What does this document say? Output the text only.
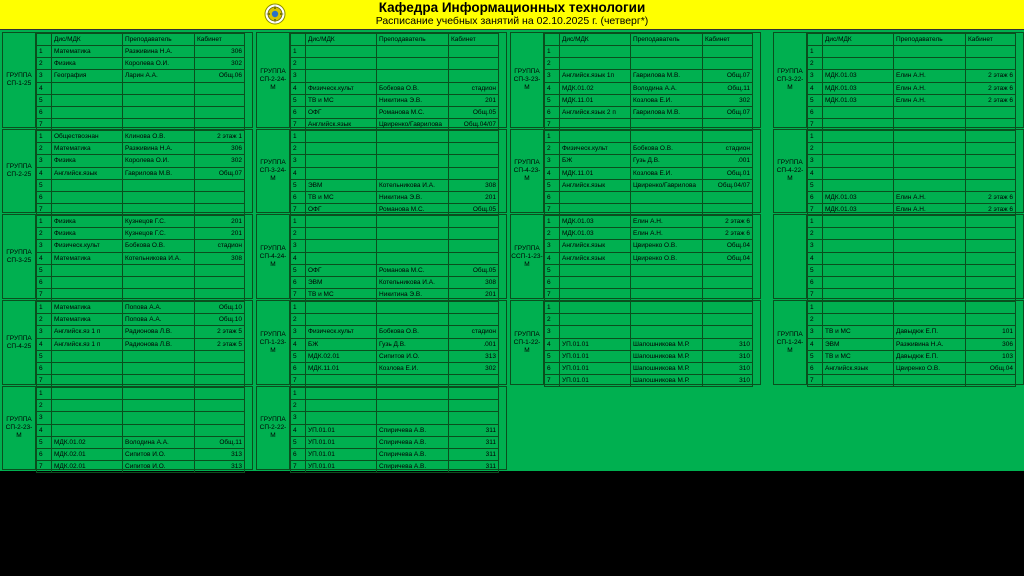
Кафедра Информационных технологии
Расписание учебных занятий на 02.10.2025 г. (четверг*)
ГРУППА СП-1-25
	Дис/МДК	Преподаватель	Кабинет
1	Математика	Разживина Н.А.	306
2	Физика	Королева О.И.	302
3	География	Ларин А.А.	Общ.06
4			
5			
6			
7			
ГРУППА СП-2-24-М
	Дис/МДК	Преподаватель	Кабинет
1			
2			
3			
4	Физическ.культ	Бобкова О.В.	стадион
5	ТВ и МС	Никитина Э.В.	201
6	ОФГ	Романова М.С.	Общ.05
7	Английск.язык	Цвиренко/Гаврилова	Общ.04/07
ГРУППА СП-3-23-М
	Дис/МДК	Преподаватель	Кабинет
1			
2			
3	Английск.язык 1п	Гаврилова М.В.	Общ.07
4	МДК.01.02	Володина А.А.	Общ.11
5	МДК.11.01	Козлова Е.И.	302
6	Английск.язык 2 п	Гаврилова М.В.	Общ.07
7			
ГРУППА СП-3-22-М
	Дис/МДК	Преподаватель	Кабинет
1			
2			
3	МДК.01.03	Елин А.Н.	2 этаж 6
4	МДК.01.03	Елин А.Н.	2 этаж 6
5	МДК.01.03	Елин А.Н.	2 этаж 6
6			
7			
ГРУППА СП-2-25
1	Обществознан	Клинова О.В.	2 этаж 1
2	Математика	Разживина Н.А.	306
3	Физика	Королева О.И.	302
4	Английск.язык	Гаврилова М.В.	Общ.07
5			
6			
7			
ГРУППА СП-3-24-М
1			
2			
3			
4			
5	ЭВМ	Котельникова И.А.	308
6	ТВ и МС	Никитина Э.В.	201
7	ОФГ	Романова М.С.	Общ.05
ГРУППА СП-4-23-М
1			
2	Физическ.культ	Бобкова О.В.	стадион
3	БЖ	Гузь Д.В.	.001
4	МДК.11.01	Козлова Е.И.	Общ.01
5	Английск.язык	Цвиренко/Гаврилова	Общ.04/07
6			
7			
ГРУППА СП-4-22-М
1			
2			
3			
4			
5			
6	МДК.01.03	Елин А.Н.	2 этаж 6
7	МДК.01.03	Елин А.Н.	2 этаж 6
ГРУППА СП-3-25
1	Физика	Кузнецов Г.С.	201
2	Физика	Кузнецов Г.С.	201
3	Физическ.культ	Бобкова О.В.	стадион
4	Математика	Котельникова И.А.	308
5			
6			
7			
ГРУППА СП-4-24-М
1			
2			
3			
4			
5	ОФГ	Романова М.С.	Общ.05
6	ЭВМ	Котельникова И.А.	308
7	ТВ и МС	Никитина Э.В.	201
ГРУППА ССП-1-23-М
1	МДК.01.03	Елин А.Н.	2 этаж 6
2	МДК.01.03	Елин А.Н.	2 этаж 6
3	Английск.язык	Цвиренко О.В.	Общ.04
4	Английск.язык	Цвиренко О.В.	Общ.04
5			
6			
7			
1			
2			
3			
4			
5			
6			
7			
ГРУППА СП-4-25
1	Математика	Попова А.А.	Общ.10
2	Математика	Попова А.А.	Общ.10
3	Английск.яз 1 п	Радионова Л.В.	2 этаж 5
4	Английск.яз 1 п	Радионова Л.В.	2 этаж 5
5			
6			
7			
ГРУППА СП-1-23-М
1			
2			
3	Физическ.культ	Бобкова О.В.	стадион
4	БЖ	Гузь Д.В.	.001
5	МДК.02.01	Сипитов И.О.	313
6	МДК.11.01	Козлова Е.И.	302
7			
ГРУППА СП-1-22-М
1			
2			
3			
4	УП.01.01	Шапошникова М.Р.	310
5	УП.01.01	Шапошникова М.Р.	310
6	УП.01.01	Шапошникова М.Р.	310
7	УП.01.01	Шапошникова М.Р.	310
ГРУППА СП-1-24-М
1			
2			
3	ТВ и МС	Давыдюк Е.П.	101
4	ЭВМ	Разживина Н.А.	306
5	ТВ и МС	Давыдюк Е.П.	103
6	Английск.язык	Цвиренко О.В.	Общ.04
7			
ГРУППА СП-2-23-М
1			
2			
3			
4			
5	МДК.01.02	Володина А.А.	Общ.11
6	МДК.02.01	Сипитов И.О.	313
7	МДК.02.01	Сипитов И.О.	313
ГРУППА СП-2-22-М
1			
2			
3			
4	УП.01.01	Спиричева А.В.	311
5	УП.01.01	Спиричева А.В.	311
6	УП.01.01	Спиричева А.В.	311
7	УП.01.01	Спиричева А.В.	311
